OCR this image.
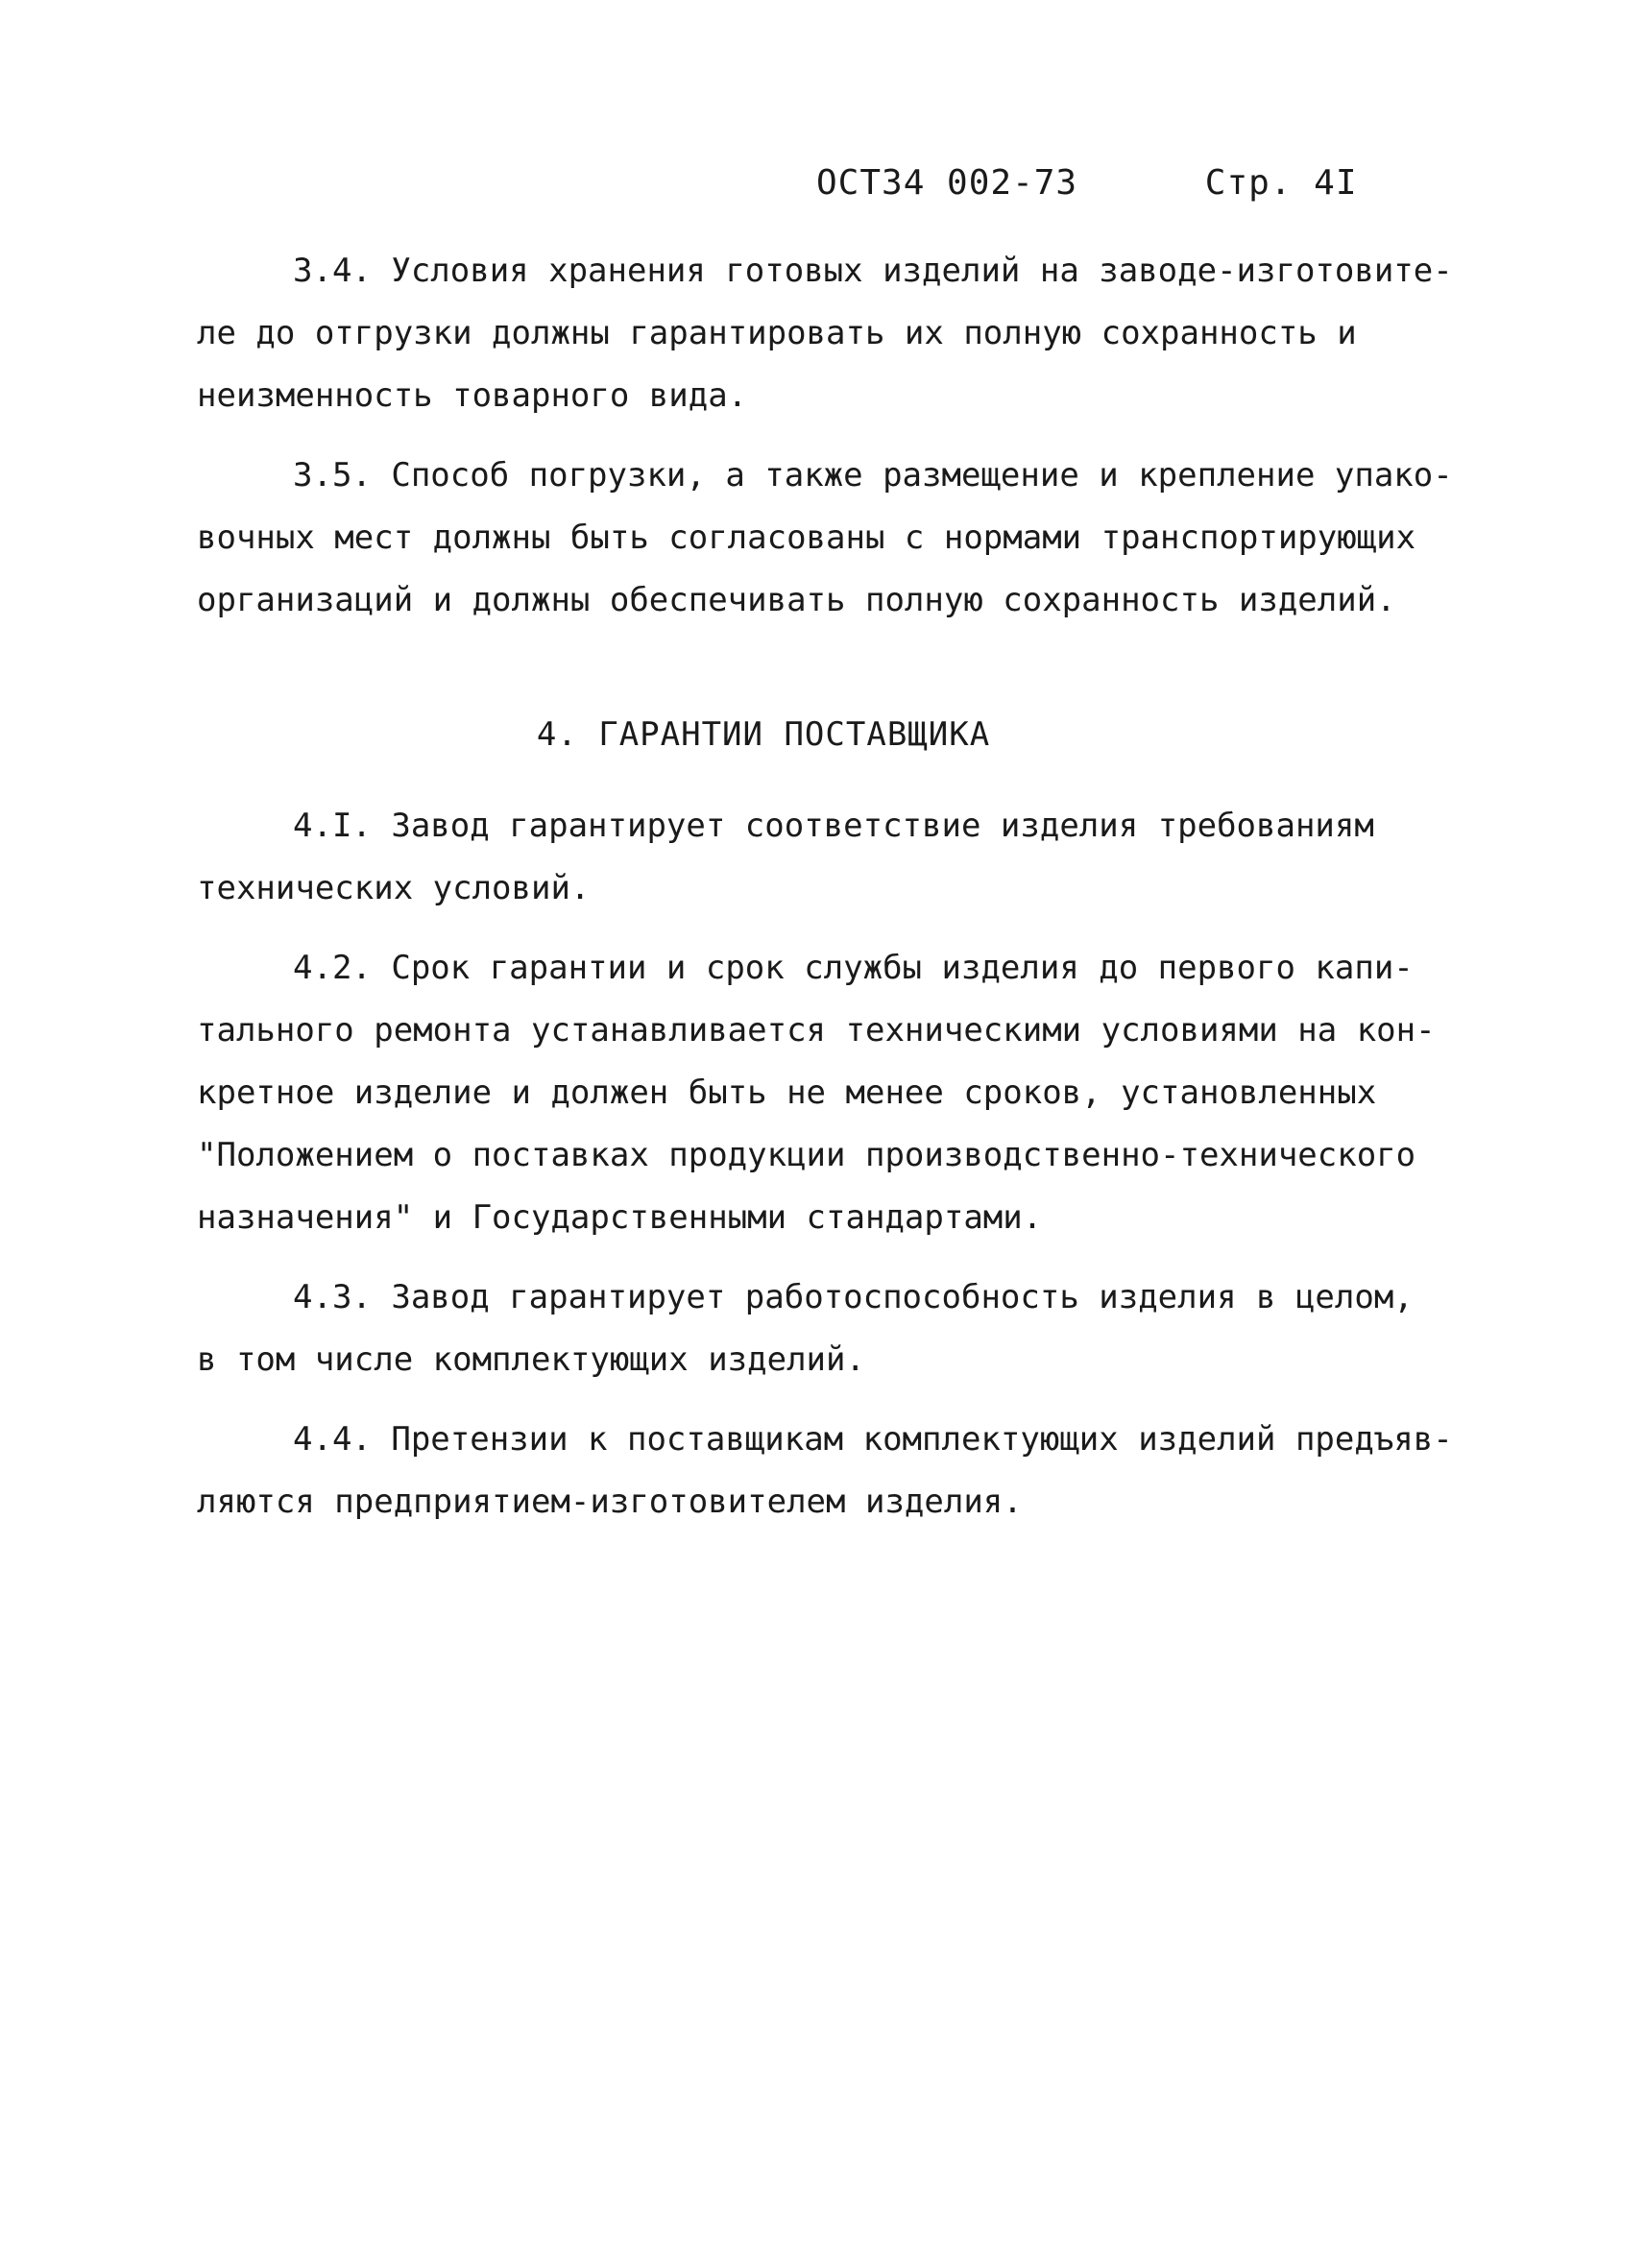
ОСТ34 002-73	Стр. 4I
3.4. Условия хранения готовых изделий на заводе-изготовите-
ле до отгрузки должны гарантировать их полную сохранность и
неизменность товарного вида.
3.5. Способ погрузки, а также размещение и крепление упако-
вочных мест должны быть согласованы с нормами транспортирующих
организаций и должны обеспечивать полную сохранность изделий.
4. ГАРАНТИИ ПОСТАВЩИКА
4.I. Завод гарантирует соответствие изделия требованиям
технических условий.
4.2. Срок гарантии и срок службы изделия до первого капи-
тального ремонта устанавливается техническими условиями на кон-
кретное изделие и должен быть не менее сроков, установленных
"Положением о поставках продукции производственно-технического
назначения" и Государственными стандартами.
4.3. Завод гарантирует работоспособность изделия в целом,
в том числе комплектующих изделий.
4.4. Претензии к поставщикам комплектующих изделий предъяв-
ляются предприятием-изготовителем изделия.
